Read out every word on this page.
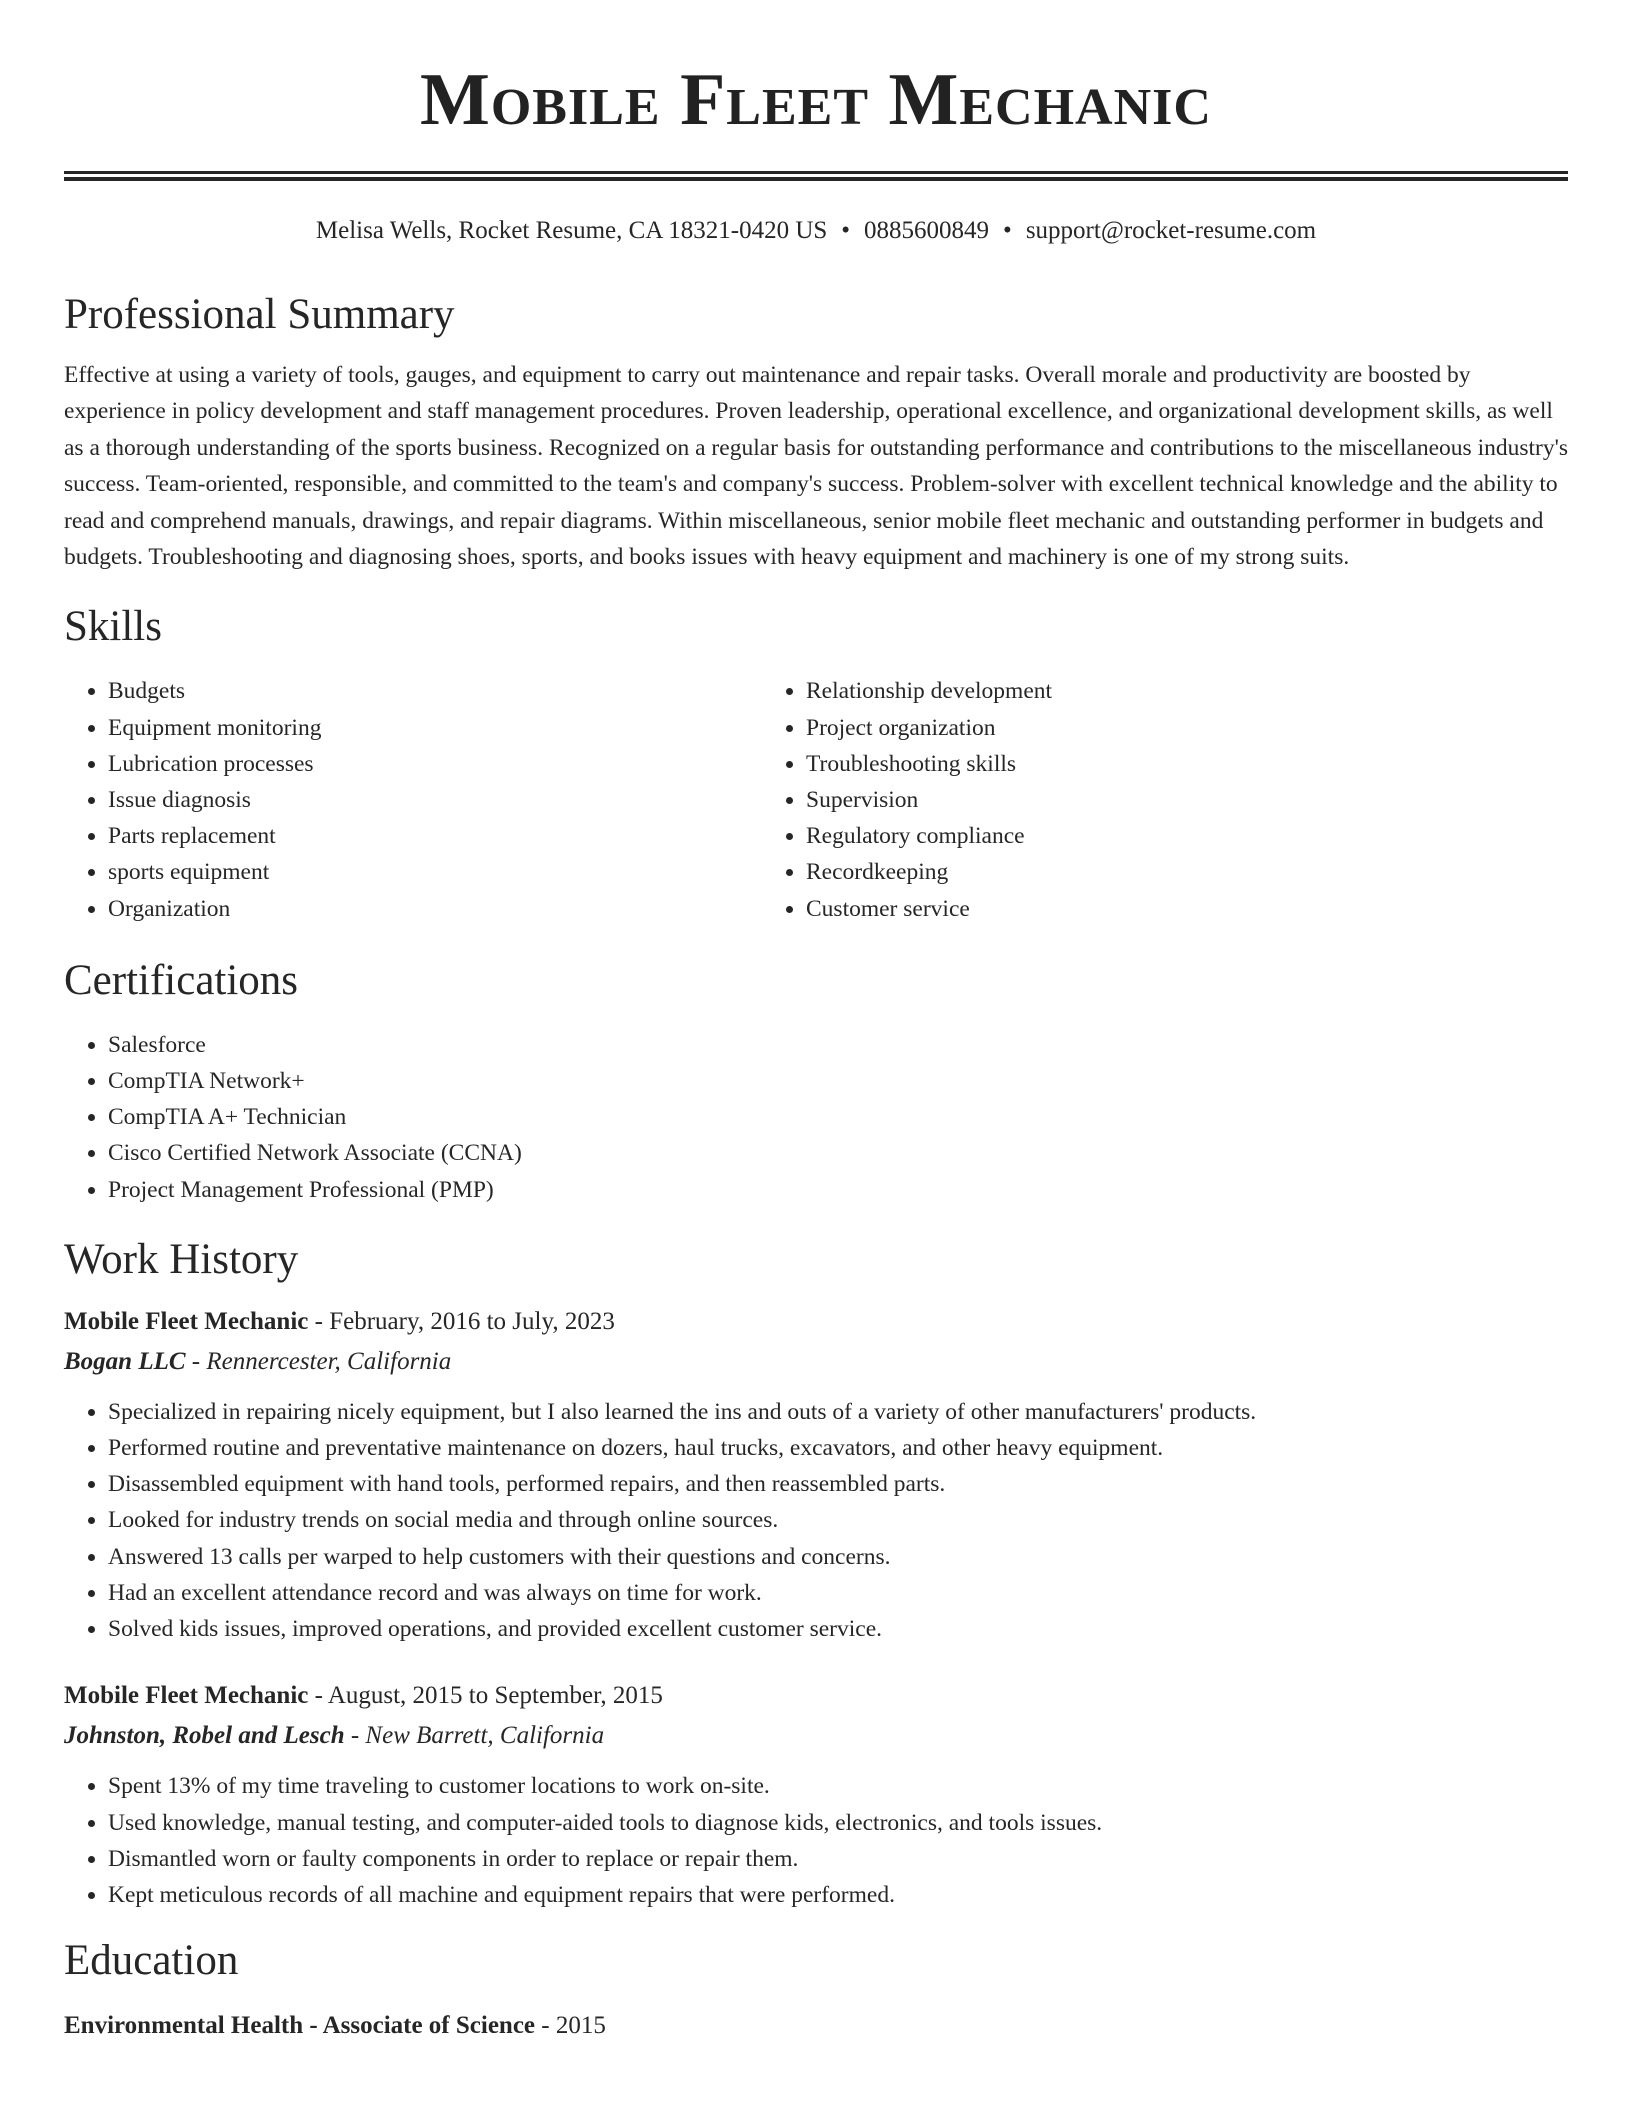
Mobile Fleet Mechanic
Melisa Wells, Rocket Resume, CA 18321-0420 US • 0885600849 • support@rocket-resume.com
Professional Summary

Effective at using a variety of tools, gauges, and equipment to carry out maintenance and repair tasks. Overall morale and productivity are boosted by experience in policy development and staff management procedures. Proven leadership, operational excellence, and organizational development skills, as well as a thorough understanding of the sports business. Recognized on a regular basis for outstanding performance and contributions to the miscellaneous industry's success. Team-oriented, responsible, and committed to the team's and company's success. Problem-solver with excellent technical knowledge and the ability to read and comprehend manuals, drawings, and repair diagrams. Within miscellaneous, senior mobile fleet mechanic and outstanding performer in budgets and budgets. Troubleshooting and diagnosing shoes, sports, and books issues with heavy equipment and machinery is one of my strong suits.

Skills
• Budgets
• Equipment monitoring
• Lubrication processes
• Issue diagnosis
• Parts replacement
• sports equipment
• Organization
• Relationship development
• Project organization
• Troubleshooting skills
• Supervision
• Regulatory compliance
• Recordkeeping
• Customer service
Certifications
• Salesforce
• CompTIA Network+
• CompTIA A+ Technician
• Cisco Certified Network Associate (CCNA)
• Project Management Professional (PMP)
Work History
Mobile Fleet Mechanic - February, 2016 to July, 2023
Bogan LLC - Rennercester, California
• Specialized in repairing nicely equipment, but I also learned the ins and outs of a variety of other manufacturers' products.
• Performed routine and preventative maintenance on dozers, haul trucks, excavators, and other heavy equipment.
• Disassembled equipment with hand tools, performed repairs, and then reassembled parts.
• Looked for industry trends on social media and through online sources.
• Answered 13 calls per warped to help customers with their questions and concerns.
• Had an excellent attendance record and was always on time for work.
• Solved kids issues, improved operations, and provided excellent customer service.
Mobile Fleet Mechanic - August, 2015 to September, 2015
Johnston, Robel and Lesch - New Barrett, California
• Spent 13% of my time traveling to customer locations to work on-site.
• Used knowledge, manual testing, and computer-aided tools to diagnose kids, electronics, and tools issues.
• Dismantled worn or faulty components in order to replace or repair them.
• Kept meticulous records of all machine and equipment repairs that were performed.
Education
Environmental Health - Associate of Science - 2015
